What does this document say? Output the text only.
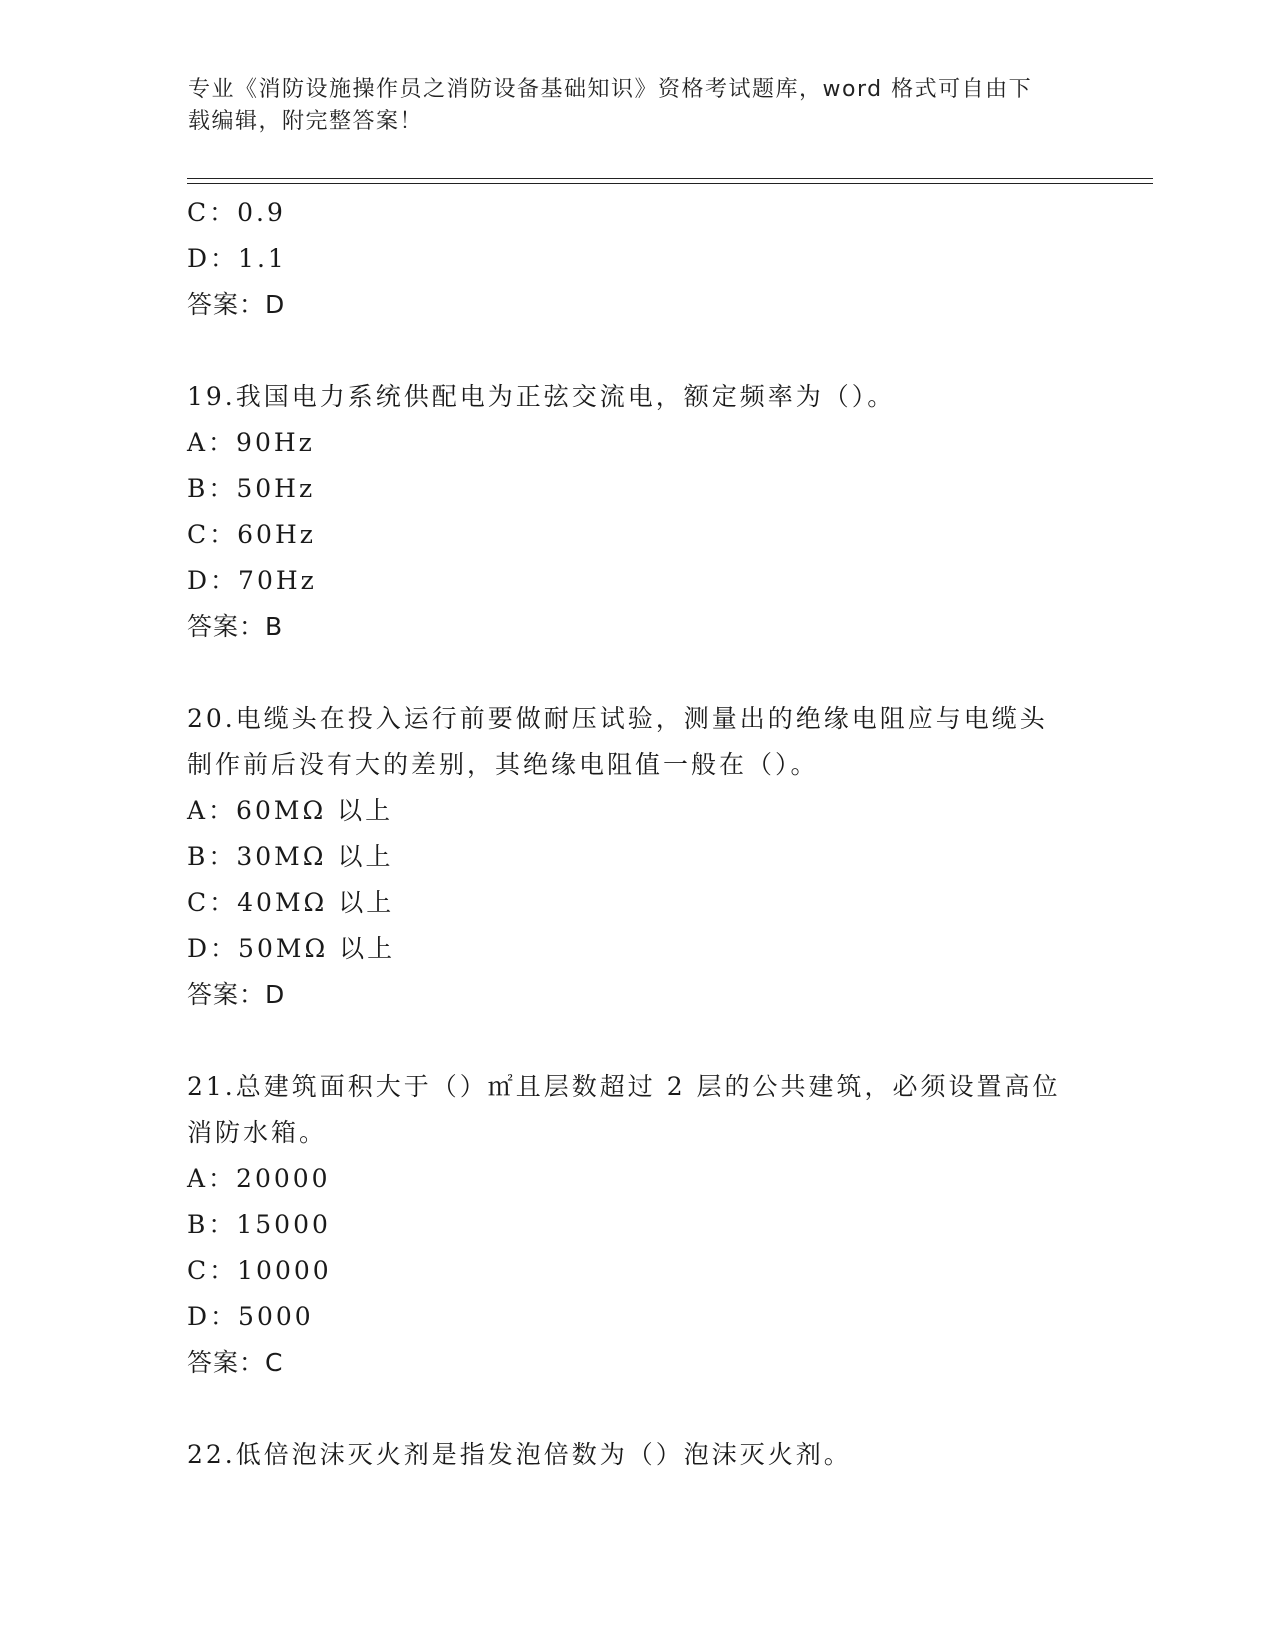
专业《消防设施操作员之消防设备基础知识》资格考试题库，word 格式可自由下
载编辑，附完整答案！
C：0.9
D：1.1
答案：D
19.我国电力系统供配电为正弦交流电，额定频率为（）。
A：90Hz
B：50Hz
C：60Hz
D：70Hz
答案：B
20.电缆头在投入运行前要做耐压试验，测量出的绝缘电阻应与电缆头
制作前后没有大的差别，其绝缘电阻值一般在（）。
A：60MΩ 以上
B：30MΩ 以上
C：40MΩ 以上
D：50MΩ 以上
答案：D
21.总建筑面积大于（）㎡且层数超过 2 层的公共建筑，必须设置高位
消防水箱。
A：20000
B：15000
C：10000
D：5000
答案：C
22.低倍泡沫灭火剂是指发泡倍数为（）泡沫灭火剂。
